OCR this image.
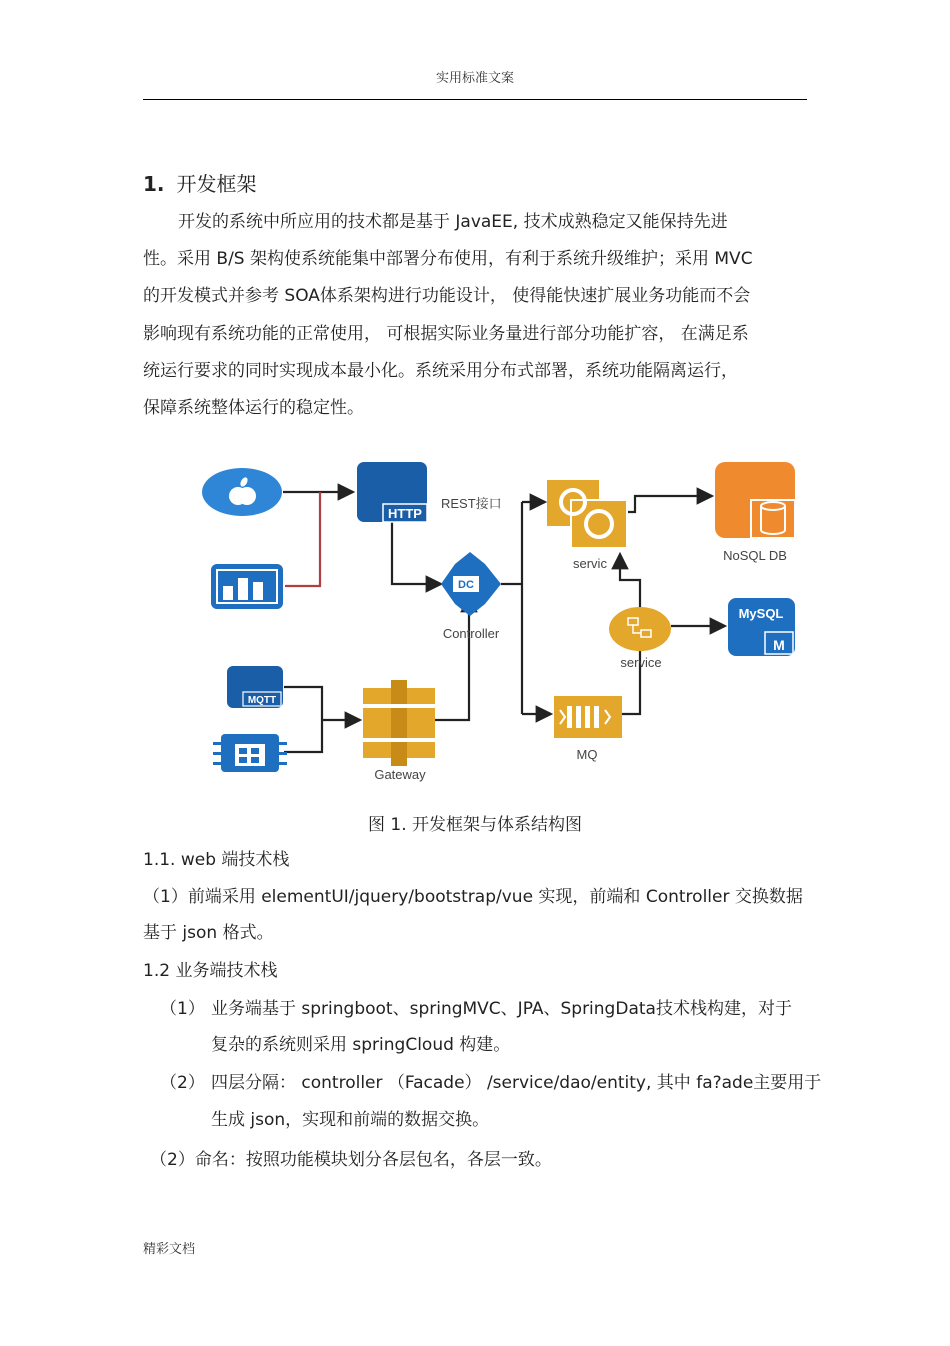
实用标准文案
1. 开发框架
开发的系统中所应用的技术都是基于 JavaEE, 技术成熟稳定又能保持先进
性。采用 B/S 架构使系统能集中部署分布使用，有利于系统升级维护；采用 MVC
的开发模式并参考 SOA体系架构进行功能设计， 使得能快速扩展业务功能而不会
影响现有系统功能的正常使用， 可根据实际业务量进行部分功能扩容， 在满足系
统运行要求的同时实现成本最小化。系统采用分布式部署，系统功能隔离运行，
保障系统整体运行的稳定性。
HTTP
REST接口
DC
Controller
MQTT
Gateway
servic
service
MQ
NoSQL DB
MySQL
M
图 1. 开发框架与体系结构图
1.1. web 端技术栈
（1）前端采用 elementUI/jquery/bootstrap/vue 实现，前端和 Controller 交换数据
基于 json 格式。
1.2 业务端技术栈
（1） 业务端基于 springboot、springMVC、JPA、SpringData技术栈构建，对于
复杂的系统则采用 springCloud 构建。
（2） 四层分隔： controller （Facade） /service/dao/entity, 其中 fa?ade主要用于
生成 json，实现和前端的数据交换。
（2）命名：按照功能模块划分各层包名，各层一致。
精彩文档
